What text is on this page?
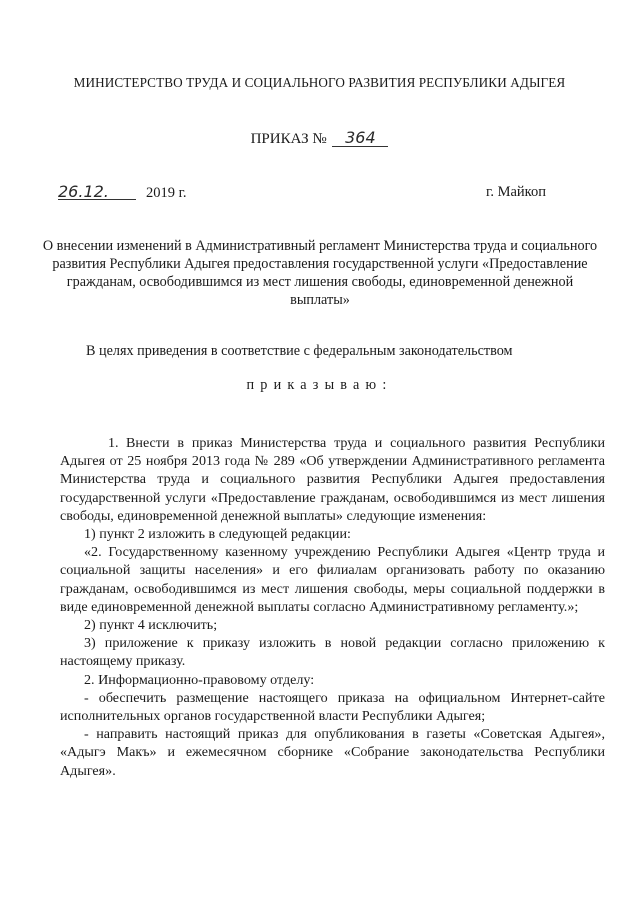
МИНИСТЕРСТВО ТРУДА И СОЦИАЛЬНОГО РАЗВИТИЯ РЕСПУБЛИКИ АДЫГЕЯ
ПРИКАЗ № 364
26.12.	2019 г.	г. Майкоп
О внесении изменений в Административный регламент Министерства труда и социального развития Республики Адыгея предоставления государственной услуги «Предоставление гражданам, освободившимся из мест лишения свободы, единовременной денежной выплаты»
В целях приведения в соответствие с федеральным законодательством
приказываю:

1. Внести в приказ Министерства труда и социального развития Республики Адыгея от 25 ноября 2013 года № 289 «Об утверждении Административного регламента Министерства труда и социального развития Республики Адыгея предоставления государственной услуги «Предоставление гражданам, освободившимся из мест лишения свободы, единовременной денежной выплаты» следующие изменения:

1) пункт 2 изложить в следующей редакции:

«2. Государственному казенному учреждению Республики Адыгея «Центр труда и социальной защиты населения» и его филиалам организовать работу по оказанию гражданам, освободившимся из мест лишения свободы, меры социальной поддержки в виде единовременной денежной выплаты согласно Административному регламенту.»;

2) пункт 4 исключить;

3) приложение к приказу изложить в новой редакции согласно приложению к настоящему приказу.

2. Информационно-правовому отделу:

- обеспечить размещение настоящего приказа на официальном Интернет-сайте исполнительных органов государственной власти Республики Адыгея;

- направить настоящий приказ для опубликования в газеты «Советская Адыгея», «Адыгэ Макъ» и ежемесячном сборнике «Собрание законодательства Республики Адыгея».
